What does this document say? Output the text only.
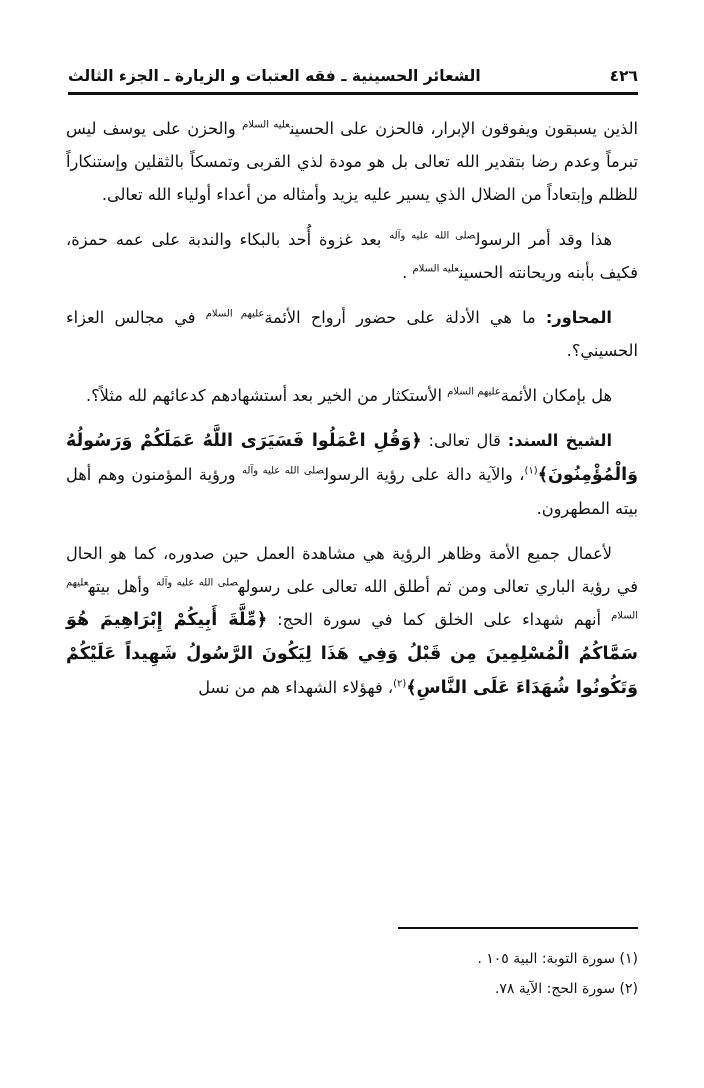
٤٢٦
الشعائر الحسينية ـ فقه العتبات و الزيارة ـ الجزء الثالث

الذين يسبقون ويفوقون الإبرار، فالحزن على الحسين$^{عليه السلام}$ والحزن على يوسف ليس تبرماً وعدم رضا بتقدير الله تعالى بل هو مودة لذي القربى وتمسكاً بالثقلين وإستنكاراً للظلم وإبتعاداً من الضلال الذي يسير عليه يزيد وأمثاله من أعداء أولياء الله تعالى.

هذا وقد أمر الرسول$^{صلى الله عليه وآله}$ بعد غزوة أُحد بالبكاء والندبة على عمه حمزة، فكيف بأبنه وريحانته الحسين$^{عليه السلام}$ .

المحاور: ما هي الأدلة على حضور أرواح الأئمة$^{عليهم السلام}$ في مجالس العزاء الحسيني؟.

هل بإمكان الأئمة$^{عليهم السلام}$ الأستكثار من الخير بعد أستشهادهم كدعائهم لله مثلاً؟.

الشيخ السند: قال تعالى: ﴿وَقُلِ اعْمَلُوا فَسَيَرَى اللَّهُ عَمَلَكُمْ وَرَسُولُهُ وَالْمُؤْمِنُونَ﴾$^{(١)}$، والآية دالة على رؤية الرسول$^{صلى الله عليه وآله}$ ورؤية المؤمنون وهم أهل بيته المطهرون.

لأعمال جميع الأمة وظاهر الرؤية هي مشاهدة العمل حين صدوره، كما هو الحال في رؤية الباري تعالى ومن ثم أطلق الله تعالى على رسوله$^{صلى الله عليه وآله}$ وأهل بيته$^{عليهم السلام}$ أنهم شهداء على الخلق كما في سورة الحج: ﴿مِّلَّةَ أَبِيكُمْ إِبْرَاهِيمَ هُوَ سَمَّاكُمُ الْمُسْلِمِينَ مِن قَبْلُ وَفِي هَذَا لِيَكُونَ الرَّسُولُ شَهِيداً عَلَيْكُمْ وَتَكُونُوا شُهَدَاءَ عَلَى النَّاسِ﴾$^{(٢)}$، فهؤلاء الشهداء هم من نسل

(١) سورة التوبة: البية ١٠٥ .
(٢) سورة الحج: الآية ٧٨.
